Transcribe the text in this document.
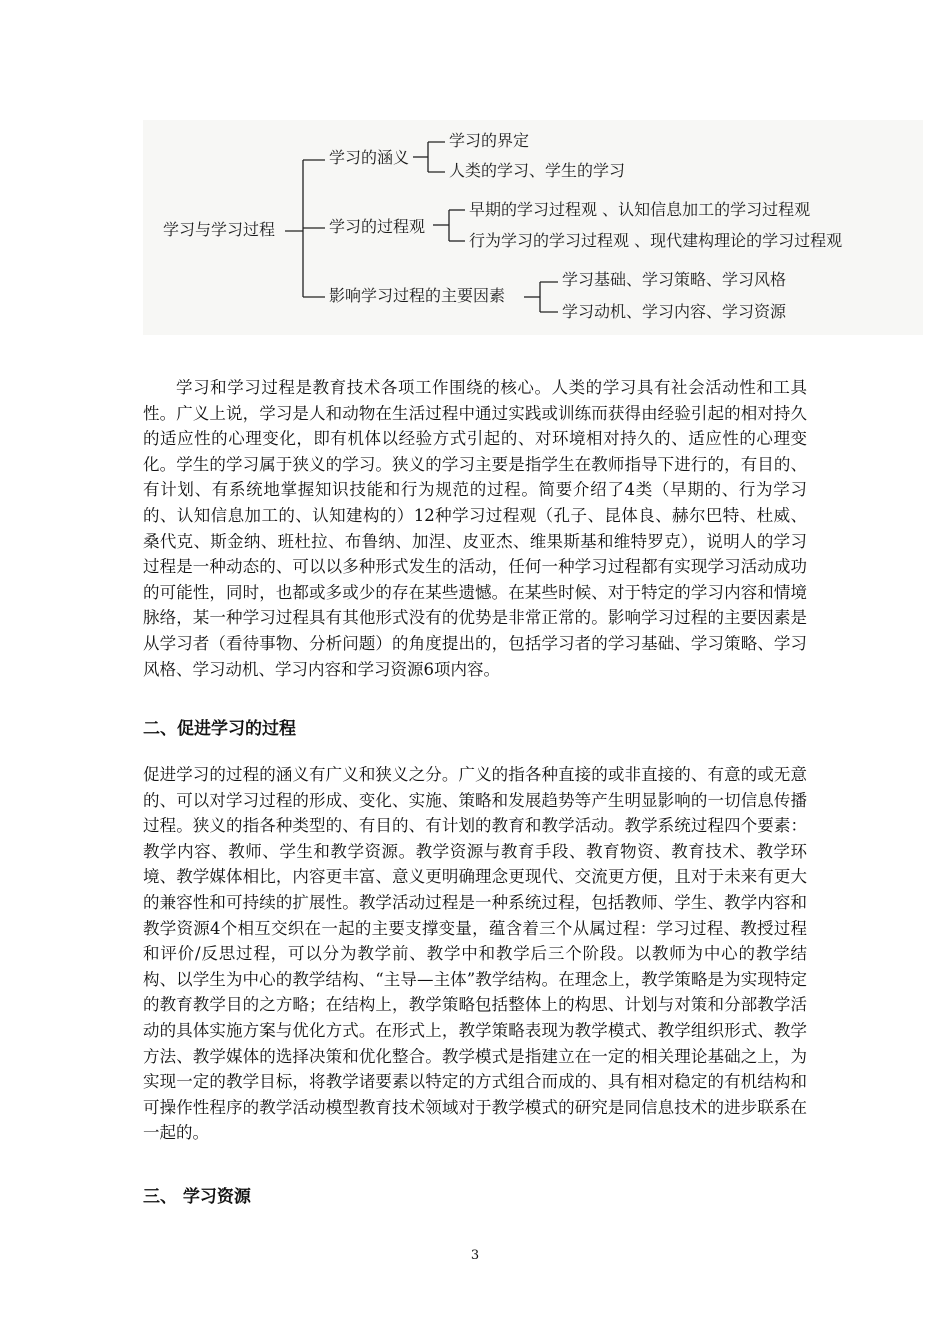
学习与学习过程
学习的涵义
学习的界定
人类的学习、学生的学习
学习的过程观
早期的学习过程观 、认知信息加工的学习过程观
行为学习的学习过程观 、现代建构理论的学习过程观
影响学习过程的主要因素
学习基础、学习策略、学习风格
学习动机、学习内容、学习资源

学习和学习过程是教育技术各项工作围绕的核心。人类的学习具有社会活动性和工具性。广义上说，学习是人和动物在生活过程中通过实践或训练而获得由经验引起的相对持久的适应性的心理变化，即有机体以经验方式引起的、对环境相对持久的、适应性的心理变化。学生的学习属于狭义的学习。狭义的学习主要是指学生在教师指导下进行的，有目的、有计划、有系统地掌握知识技能和行为规范的过程。简要介绍了4类（早期的、行为学习的、认知信息加工的、认知建构的）12种学习过程观（孔子、昆体良、赫尔巴特、杜威、桑代克、斯金纳、班杜拉、布鲁纳、加涅、皮亚杰、维果斯基和维特罗克），说明人的学习过程是一种动态的、可以以多种形式发生的活动，任何一种学习过程都有实现学习活动成功的可能性，同时，也都或多或少的存在某些遗憾。在某些时候、对于特定的学习内容和情境脉络，某一种学习过程具有其他形式没有的优势是非常正常的。影响学习过程的主要因素是从学习者（看待事物、分析问题）的角度提出的，包括学习者的学习基础、学习策略、学习风格、学习动机、学习内容和学习资源6项内容。

二、促进学习的过程

促进学习的过程的涵义有广义和狭义之分。广义的指各种直接的或非直接的、有意的或无意的、可以对学习过程的形成、变化、实施、策略和发展趋势等产生明显影响的一切信息传播过程。狭义的指各种类型的、有目的、有计划的教育和教学活动。教学系统过程四个要素：教学内容、教师、学生和教学资源。教学资源与教育手段、教育物资、教育技术、教学环境、教学媒体相比，内容更丰富、意义更明确理念更现代、交流更方便，且对于未来有更大的兼容性和可持续的扩展性。教学活动过程是一种系统过程，包括教师、学生、教学内容和教学资源4个相互交织在一起的主要支撑变量，蕴含着三个从属过程：学习过程、教授过程和评价/反思过程，可以分为教学前、教学中和教学后三个阶段。以教师为中心的教学结构、以学生为中心的教学结构、“主导—主体”教学结构。在理念上，教学策略是为实现特定的教育教学目的之方略；在结构上，教学策略包括整体上的构思、计划与对策和分部教学活动的具体实施方案与优化方式。在形式上，教学策略表现为教学模式、教学组织形式、教学方法、教学媒体的选择决策和优化整合。教学模式是指建立在一定的相关理论基础之上，为实现一定的教学目标，将教学诸要素以特定的方式组合而成的、具有相对稳定的有机结构和可操作性程序的教学活动模型教育技术领域对于教学模式的研究是同信息技术的进步联系在一起的。

三、 学习资源
3
